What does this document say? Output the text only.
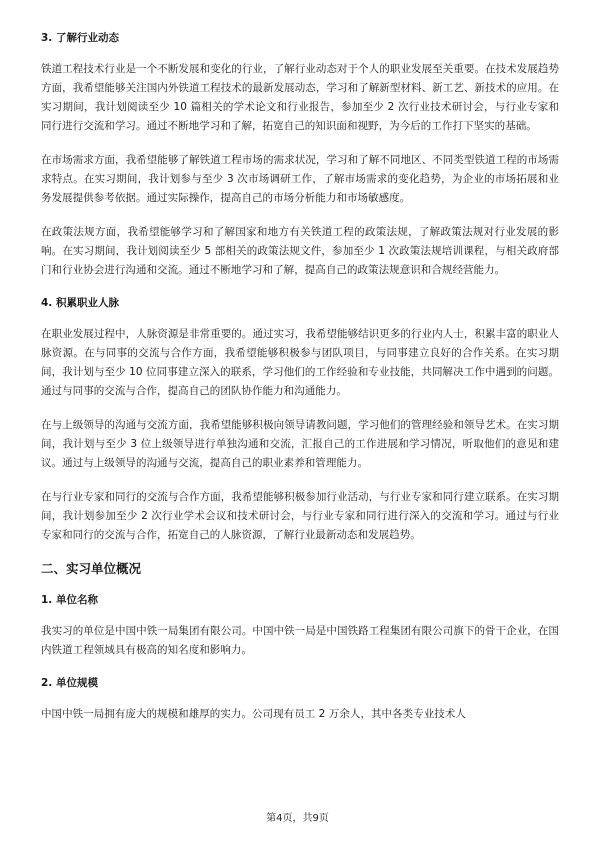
3. 了解行业动态
铁道工程技术行业是一个不断发展和变化的行业，了解行业动态对于个人的职业发展至关重要。在技术发展趋势方面，我希望能够关注国内外铁道工程技术的最新发展动态，学习和了解新型材料、新工艺、新技术的应用。在实习期间，我计划阅读至少 10 篇相关的学术论文和行业报告，参加至少 2 次行业技术研讨会，与行业专家和同行进行交流和学习。通过不断地学习和了解，拓宽自己的知识面和视野，为今后的工作打下坚实的基础。
在市场需求方面，我希望能够了解铁道工程市场的需求状况，学习和了解不同地区、不同类型铁道工程的市场需求特点。在实习期间，我计划参与至少 3 次市场调研工作，了解市场需求的变化趋势，为企业的市场拓展和业务发展提供参考依据。通过实际操作，提高自己的市场分析能力和市场敏感度。
在政策法规方面，我希望能够学习和了解国家和地方有关铁道工程的政策法规，了解政策法规对行业发展的影响。在实习期间，我计划阅读至少 5 部相关的政策法规文件，参加至少 1 次政策法规培训课程，与相关政府部门和行业协会进行沟通和交流。通过不断地学习和了解，提高自己的政策法规意识和合规经营能力。
4. 积累职业人脉
在职业发展过程中，人脉资源是非常重要的。通过实习，我希望能够结识更多的行业内人士，积累丰富的职业人脉资源。在与同事的交流与合作方面，我希望能够积极参与团队项目，与同事建立良好的合作关系。在实习期间，我计划与至少 10 位同事建立深入的联系，学习他们的工作经验和专业技能，共同解决工作中遇到的问题。通过与同事的交流与合作，提高自己的团队协作能力和沟通能力。
在与上级领导的沟通与交流方面，我希望能够积极向领导请教问题，学习他们的管理经验和领导艺术。在实习期间，我计划与至少 3 位上级领导进行单独沟通和交流，汇报自己的工作进展和学习情况，听取他们的意见和建议。通过与上级领导的沟通与交流，提高自己的职业素养和管理能力。
在与行业专家和同行的交流与合作方面，我希望能够积极参加行业活动，与行业专家和同行建立联系。在实习期间，我计划参加至少 2 次行业学术会议和技术研讨会，与行业专家和同行进行深入的交流和学习。通过与行业专家和同行的交流与合作，拓宽自己的人脉资源，了解行业最新动态和发展趋势。
二、实习单位概况
1. 单位名称
我实习的单位是中国中铁一局集团有限公司。中国中铁一局是中国铁路工程集团有限公司旗下的骨干企业，在国内铁道工程领域具有极高的知名度和影响力。
2. 单位规模
中国中铁一局拥有庞大的规模和雄厚的实力。公司现有员工 2 万余人，其中各类专业技术人
第4页，共9页
